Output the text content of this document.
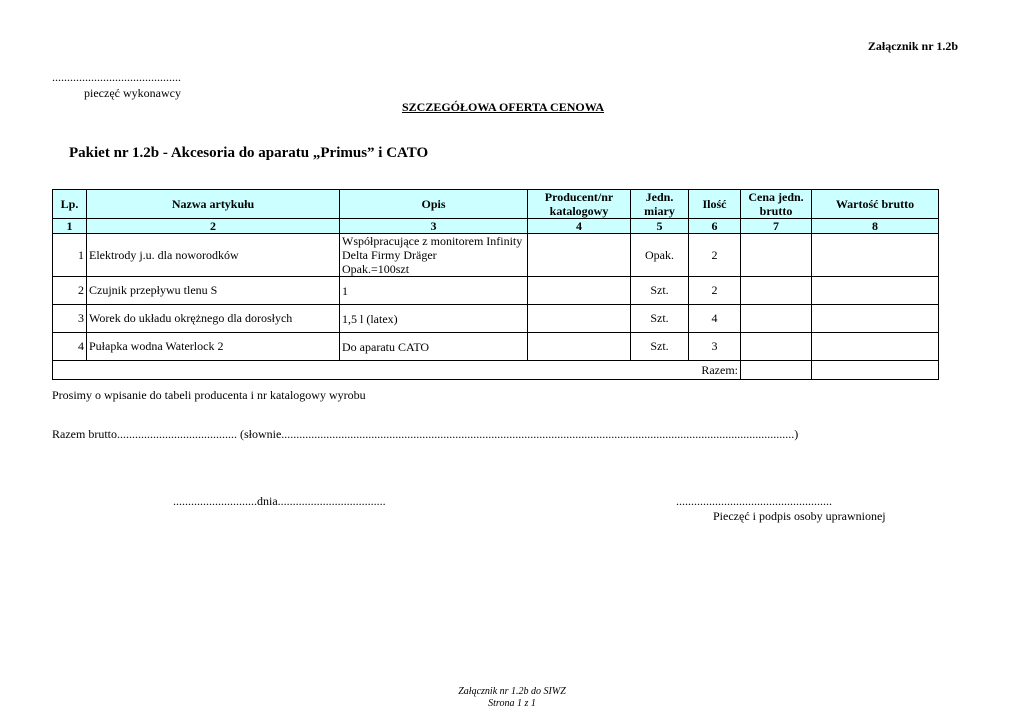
Załącznik nr 1.2b
...........................................
pieczęć wykonawcy
SZCZEGÓŁOWA OFERTA CENOWA
Pakiet nr 1.2b - Akcesoria do aparatu „Primus” i CATO
Lp.	Nazwa artykułu	Opis	Producent/nr katalogowy	Jedn. miary	Ilość	Cena jedn. brutto	Wartość brutto
1	2	3	4	5	6	7	8
1	Elektrody j.u. dla noworodków	Współpracujące z monitorem Infinity
Delta Firmy Dräger
Opak.=100szt		Opak.	2		
2	Czujnik przepływu tlenu S	1		Szt.	2		
3	Worek do układu okrężnego dla dorosłych	1,5 l (latex)		Szt.	4		
4	Pułapka wodna Waterlock 2	Do aparatu CATO		Szt.	3		
Razem:							
Prosimy o wpisanie do tabeli producenta i nr katalogowy wyrobu
Razem brutto........................................ (słownie...........................................................................................................................................................................)
............................dnia....................................	....................................................
Pieczęć i podpis osoby uprawnionej
Załącznik nr 1.2b do SIWZ
Strona 1 z 1
